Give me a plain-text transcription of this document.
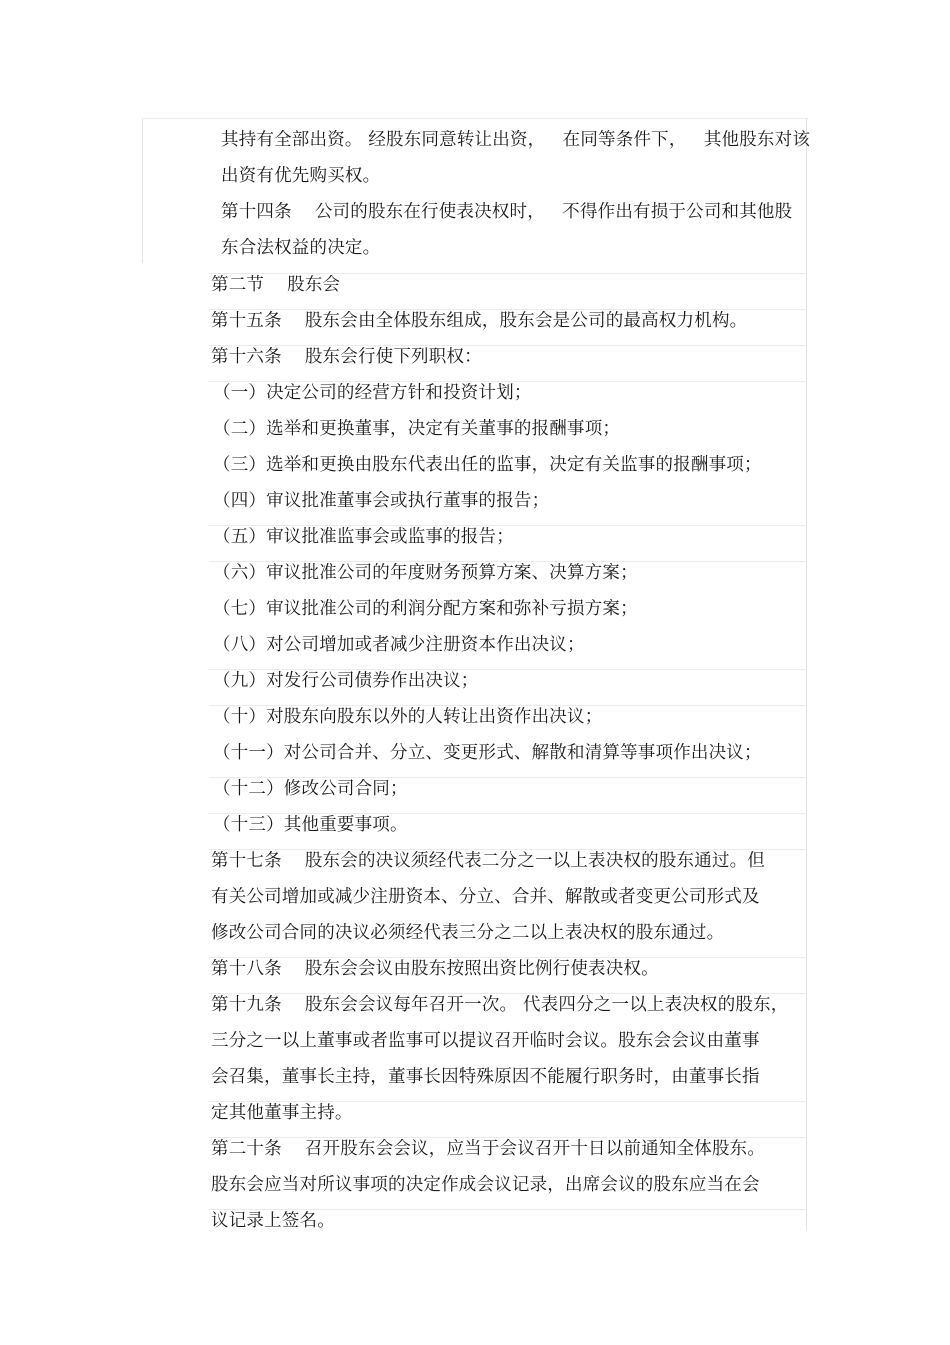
其持有全部出资。 经股东同意转让出资，   在同等条件下，   其他股东对该
出资有优先购买权。
第十四条    公司的股东在行使表决权时，   不得作出有损于公司和其他股
东合法权益的决定。
第二节    股东会
第十五条    股东会由全体股东组成，股东会是公司的最高权力机构。
第十六条    股东会行使下列职权：
（一）决定公司的经营方针和投资计划；
（二）选举和更换董事，决定有关董事的报酬事项；
（三）选举和更换由股东代表出任的监事，决定有关监事的报酬事项；
（四）审议批准董事会或执行董事的报告；
（五）审议批准监事会或监事的报告；
（六）审议批准公司的年度财务预算方案、决算方案；
（七）审议批准公司的利润分配方案和弥补亏损方案；
（八）对公司增加或者减少注册资本作出决议；
（九）对发行公司债券作出决议；
（十）对股东向股东以外的人转让出资作出决议；
（十一）对公司合并、分立、变更形式、解散和清算等事项作出决议；
（十二）修改公司合同；
（十三）其他重要事项。
第十七条    股东会的决议须经代表二分之一以上表决权的股东通过。但
有关公司增加或减少注册资本、分立、合并、解散或者变更公司形式及
修改公司合同的决议必须经代表三分之二以上表决权的股东通过。
第十八条    股东会会议由股东按照出资比例行使表决权。
第十九条    股东会会议每年召开一次。 代表四分之一以上表决权的股东，
三分之一以上董事或者监事可以提议召开临时会议。股东会会议由董事
会召集，董事长主持，董事长因特殊原因不能履行职务时，由董事长指
定其他董事主持。
第二十条    召开股东会会议，应当于会议召开十日以前通知全体股东。
股东会应当对所议事项的决定作成会议记录，出席会议的股东应当在会
议记录上签名。
